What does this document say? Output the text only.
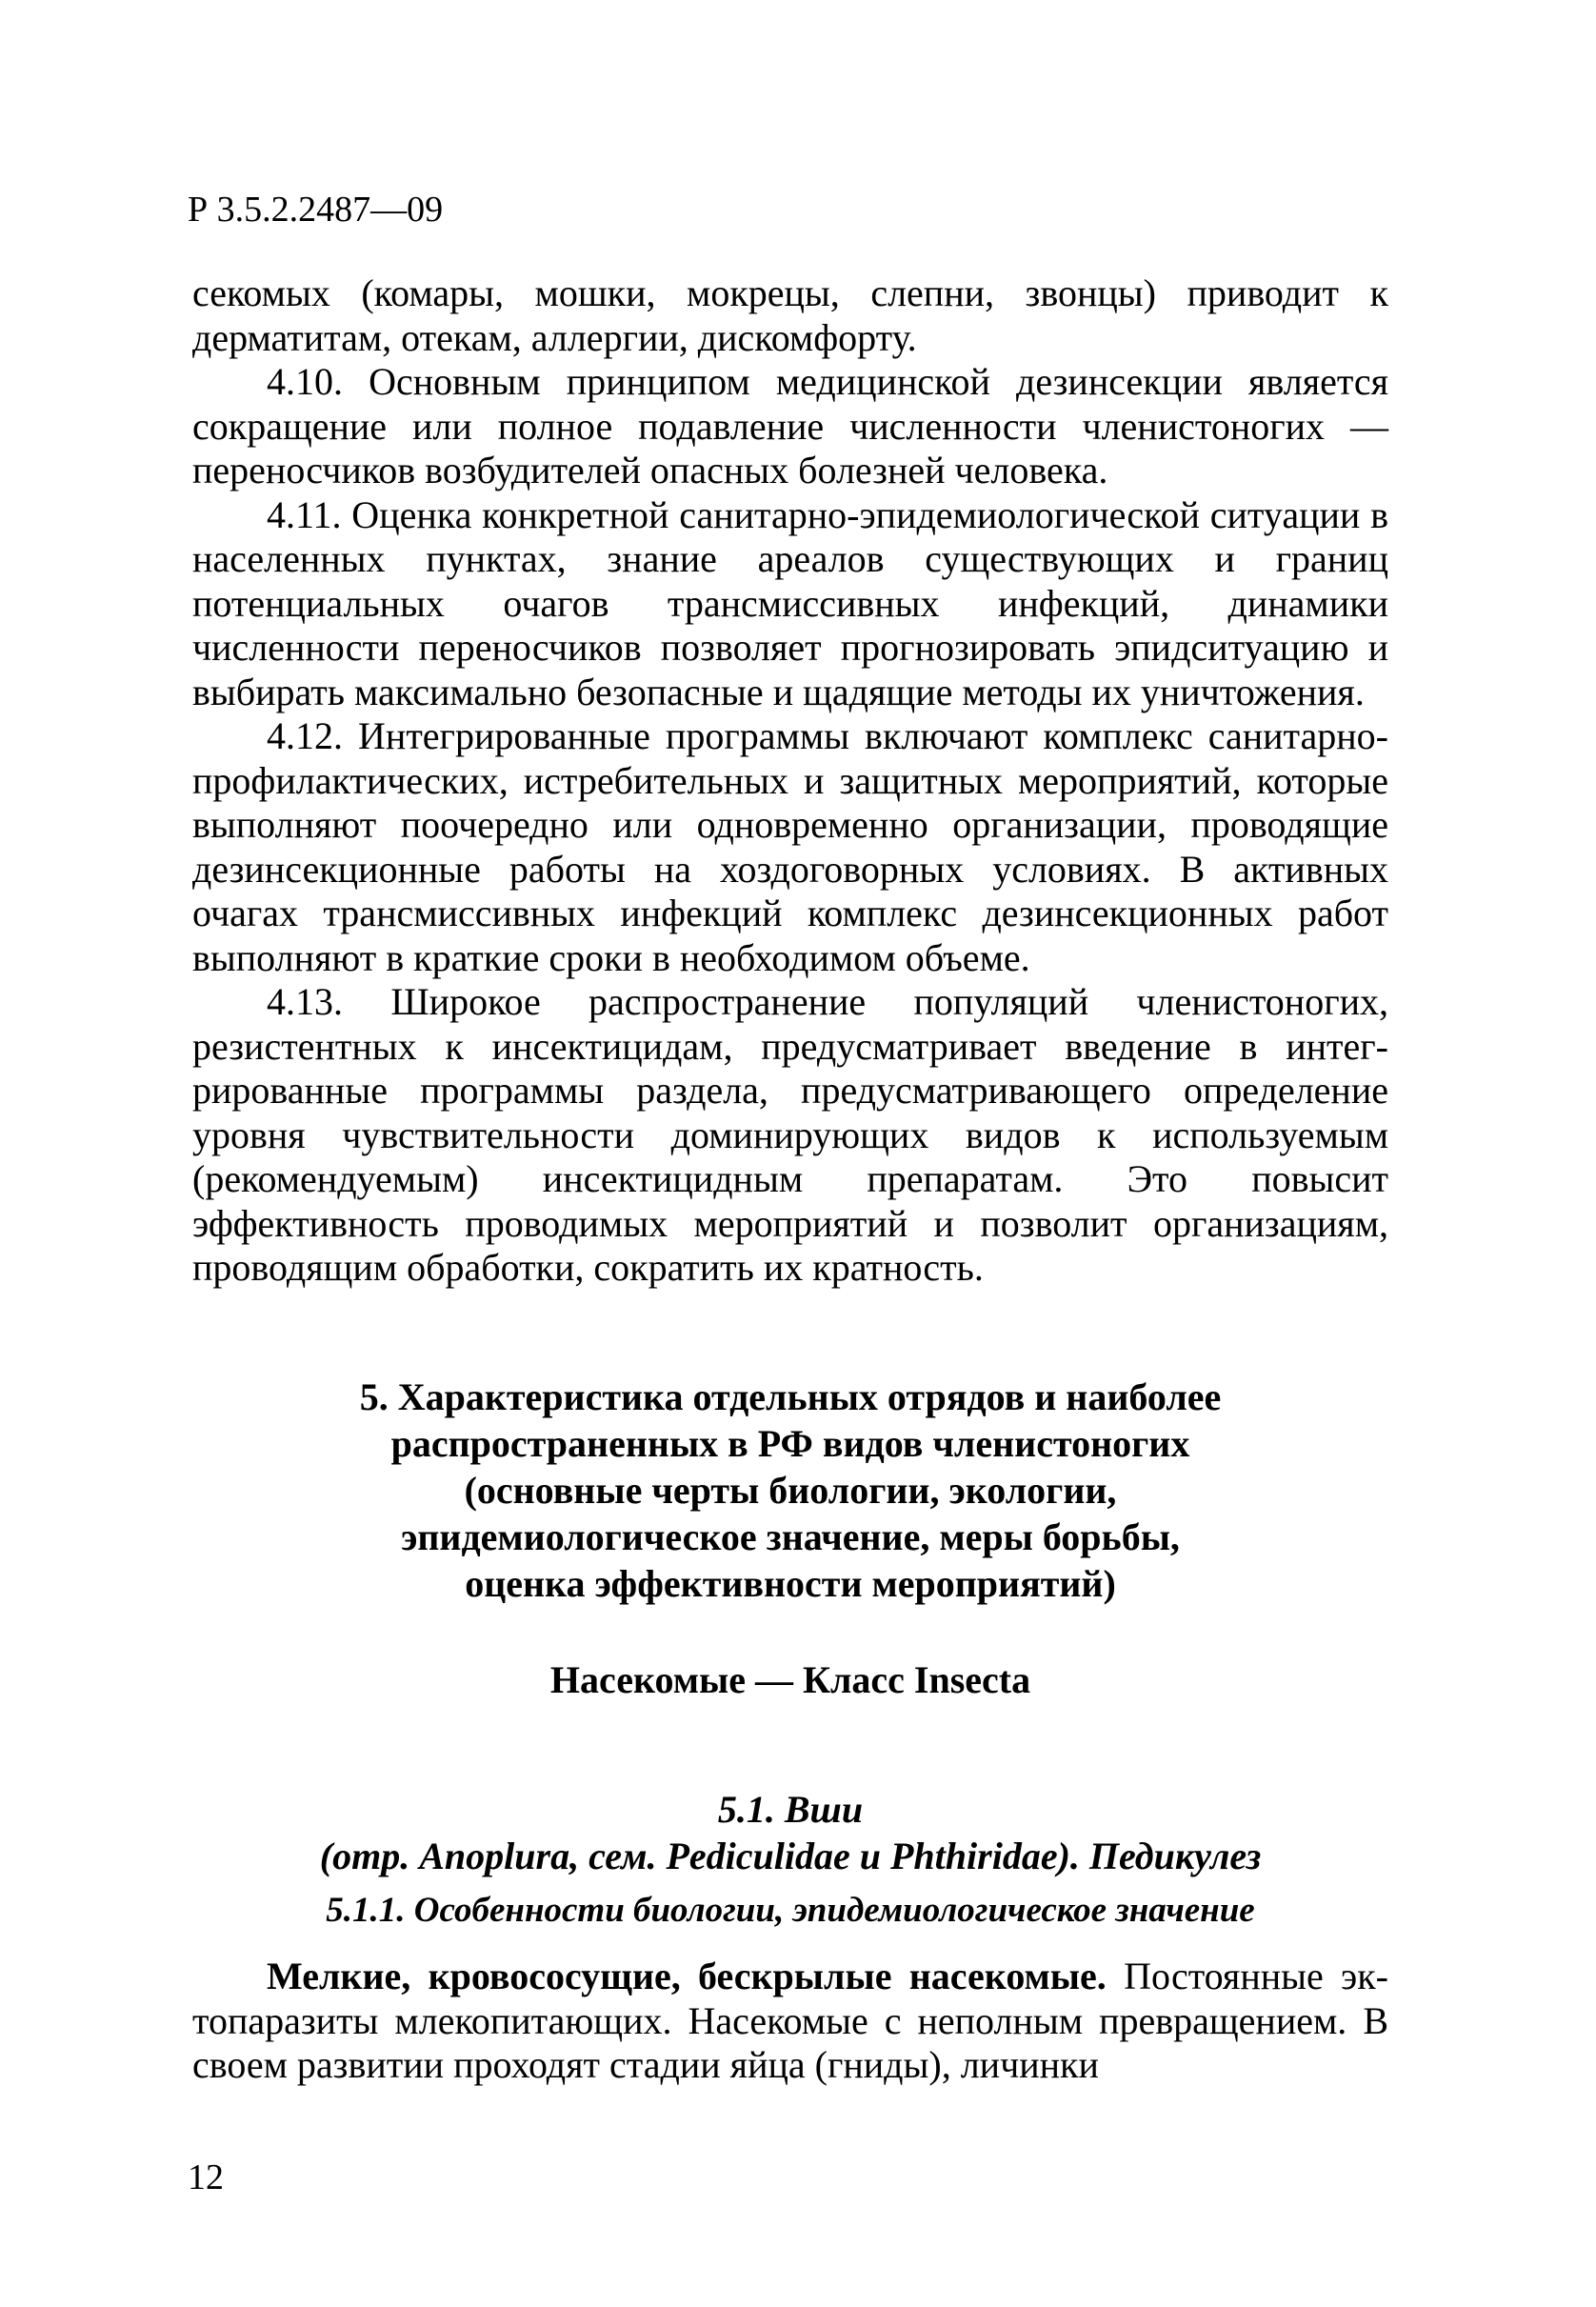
Р 3.5.2.2487—09

секомых (комары, мошки, мокрецы, слепни, звонцы) приводит к дерматитам, отекам, аллергии, дискомфорту.

4.10. Основным принципом медицинской дезинсекции является сокращение или полное подавление численности членистоногих — переносчиков возбудителей опасных болезней человека.

4.11. Оценка конкретной санитарно-эпидемиологической ситуации в населенных пунктах, знание ареалов существующих и границ потенциальных очагов трансмиссивных инфекций, динамики численности переносчиков позволяет прогнозировать эпидситуацию и выбирать максимально безопасные и щадящие методы их уничтожения.

4.12. Интегрированные программы включают комплекс санитарно-профилактических, истребительных и защитных мероприятий, которые выполняют поочередно или одновременно организации, проводящие дезинсекционные работы на хоздоговорных условиях. В активных очагах трансмиссивных инфекций комплекс дезинсекционных работ выполняют в краткие сроки в необходимом объеме.

4.13. Широкое распространение популяций членистоногих, резистентных к инсектицидам, предусматривает введение в интегрированные программы раздела, предусматривающего определение уровня чувствительности доминирующих видов к используемым (рекомендуемым) инсектицидным препаратам. Это повысит эффективность проводимых мероприятий и позволит организациям, проводящим обработки, сократить их кратность.

5. Характеристика отдельных отрядов и наиболее
распространенных в РФ видов членистоногих
(основные черты биологии, экологии,
эпидемиологическое значение, меры борьбы,
оценка эффективности мероприятий)
Насекомые — Класс Insecta
5.1. Вши
(отр. Anoplura, сем. Pediculidae и Phthiridae). Педикулез
5.1.1. Особенности биологии, эпидемиологическое значение

Мелкие, кровососущие, бескрылые насекомые. Постоянные эктопаразиты млекопитающих. Насекомые с неполным превращением. В своем развитии проходят стадии яйца (гниды), личинки

12
